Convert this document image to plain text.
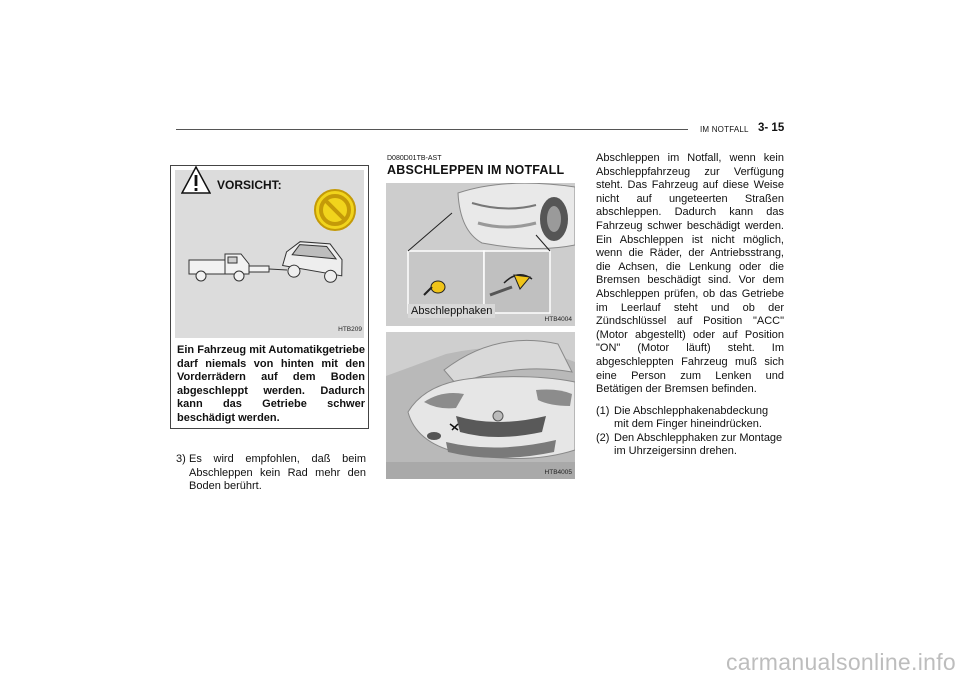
IM NOTFALL 3- 15
VORSICHT:
HTB209
Ein Fahrzeug mit Automatikgetriebe darf niemals von hinten mit den Vorderrädern auf dem Boden abgeschleppt werden. Dadurch kann das Getriebe schwer beschädigt werden.
3) Es wird empfohlen, daß beim Abschleppen kein Rad mehr den Boden berührt.
D080D01TB-AST
ABSCHLEPPEN IM NOTFALL
Abschlepphaken
HTB4004
HTB4005

Abschleppen im Notfall, wenn kein Abschleppfahrzeug zur Verfügung steht. Das Fahrzeug auf diese Weise nicht auf ungeteerten Straßen abschleppen. Dadurch kann das Fahrzeug schwer beschädigt werden. Ein Abschleppen ist nicht möglich, wenn die Räder, der Antriebsstrang, die Achsen, die Lenkung oder die Bremsen beschädigt sind. Vor dem Abschleppen prüfen, ob das Getriebe im Leerlauf steht und ob der Zündschlüssel auf Position "ACC" (Motor abgestellt) oder auf Position "ON" (Motor läuft) steht. Im abgeschleppten Fahrzeug muß sich eine Person zum Lenken und Betätigen der Bremsen befinden.

(1) Die Abschlepphakenabdeckung mit dem Finger hineindrücken.
(2) Den Abschlepphaken zur Montage im Uhrzeigersinn drehen.
carmanualsonline.info
